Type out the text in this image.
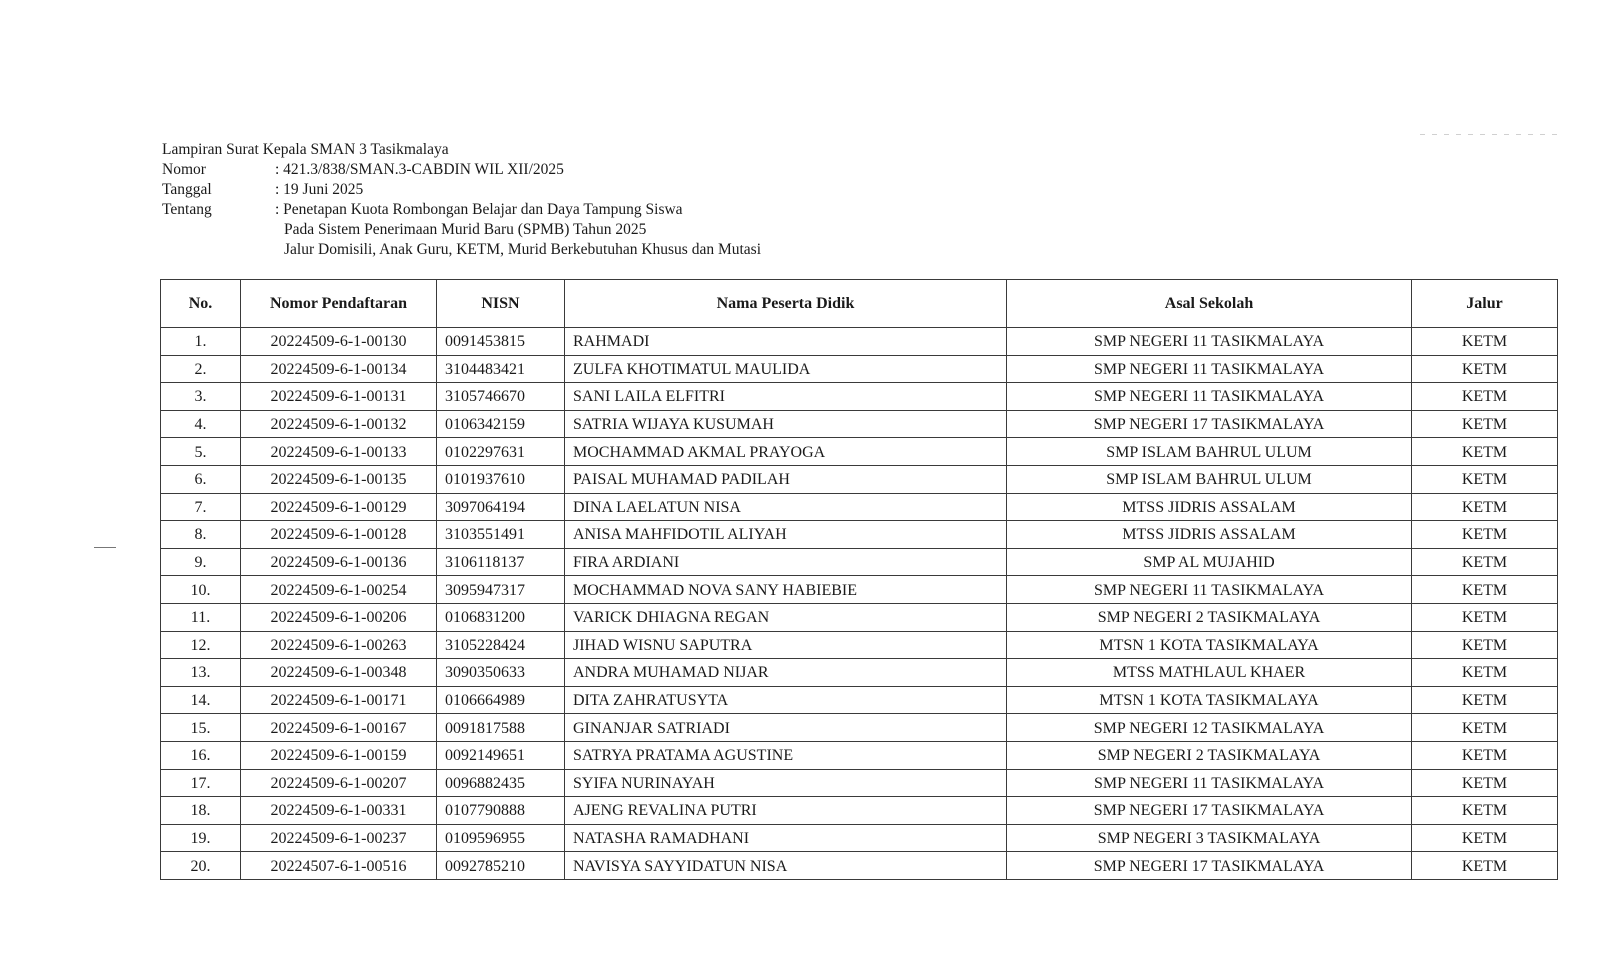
Lampiran Surat Kepala SMAN 3 Tasikmalaya
Nomor	: 421.3/838/SMAN.3-CABDIN WIL XII/2025
Tanggal	: 19 Juni 2025
Tentang	: Penetapan Kuota Rombongan Belajar dan Daya Tampung Siswa
Pada Sistem Penerimaan Murid Baru (SPMB) Tahun 2025
Jalur Domisili, Anak Guru, KETM, Murid Berkebutuhan Khusus dan Mutasi
No.	Nomor Pendaftaran	NISN	Nama Peserta Didik	Asal Sekolah	Jalur
1.	20224509-6-1-00130	0091453815	RAHMADI	SMP NEGERI 11 TASIKMALAYA	KETM
2.	20224509-6-1-00134	3104483421	ZULFA KHOTIMATUL MAULIDA	SMP NEGERI 11 TASIKMALAYA	KETM
3.	20224509-6-1-00131	3105746670	SANI LAILA ELFITRI	SMP NEGERI 11 TASIKMALAYA	KETM
4.	20224509-6-1-00132	0106342159	SATRIA WIJAYA KUSUMAH	SMP NEGERI 17 TASIKMALAYA	KETM
5.	20224509-6-1-00133	0102297631	MOCHAMMAD AKMAL PRAYOGA	SMP ISLAM BAHRUL ULUM	KETM
6.	20224509-6-1-00135	0101937610	PAISAL MUHAMAD PADILAH	SMP ISLAM BAHRUL ULUM	KETM
7.	20224509-6-1-00129	3097064194	DINA LAELATUN NISA	MTSS JIDRIS ASSALAM	KETM
8.	20224509-6-1-00128	3103551491	ANISA MAHFIDOTIL ALIYAH	MTSS JIDRIS ASSALAM	KETM
9.	20224509-6-1-00136	3106118137	FIRA ARDIANI	SMP AL MUJAHID	KETM
10.	20224509-6-1-00254	3095947317	MOCHAMMAD NOVA SANY HABIEBIE	SMP NEGERI 11 TASIKMALAYA	KETM
11.	20224509-6-1-00206	0106831200	VARICK DHIAGNA REGAN	SMP NEGERI 2 TASIKMALAYA	KETM
12.	20224509-6-1-00263	3105228424	JIHAD WISNU SAPUTRA	MTSN 1 KOTA TASIKMALAYA	KETM
13.	20224509-6-1-00348	3090350633	ANDRA MUHAMAD NIJAR	MTSS MATHLAUL KHAER	KETM
14.	20224509-6-1-00171	0106664989	DITA ZAHRATUSYTA	MTSN 1 KOTA TASIKMALAYA	KETM
15.	20224509-6-1-00167	0091817588	GINANJAR SATRIADI	SMP NEGERI 12 TASIKMALAYA	KETM
16.	20224509-6-1-00159	0092149651	SATRYA PRATAMA AGUSTINE	SMP NEGERI 2 TASIKMALAYA	KETM
17.	20224509-6-1-00207	0096882435	SYIFA NURINAYAH	SMP NEGERI 11 TASIKMALAYA	KETM
18.	20224509-6-1-00331	0107790888	AJENG REVALINA PUTRI	SMP NEGERI 17 TASIKMALAYA	KETM
19.	20224509-6-1-00237	0109596955	NATASHA RAMADHANI	SMP NEGERI 3 TASIKMALAYA	KETM
20.	20224507-6-1-00516	0092785210	NAVISYA SAYYIDATUN NISA	SMP NEGERI 17 TASIKMALAYA	KETM
